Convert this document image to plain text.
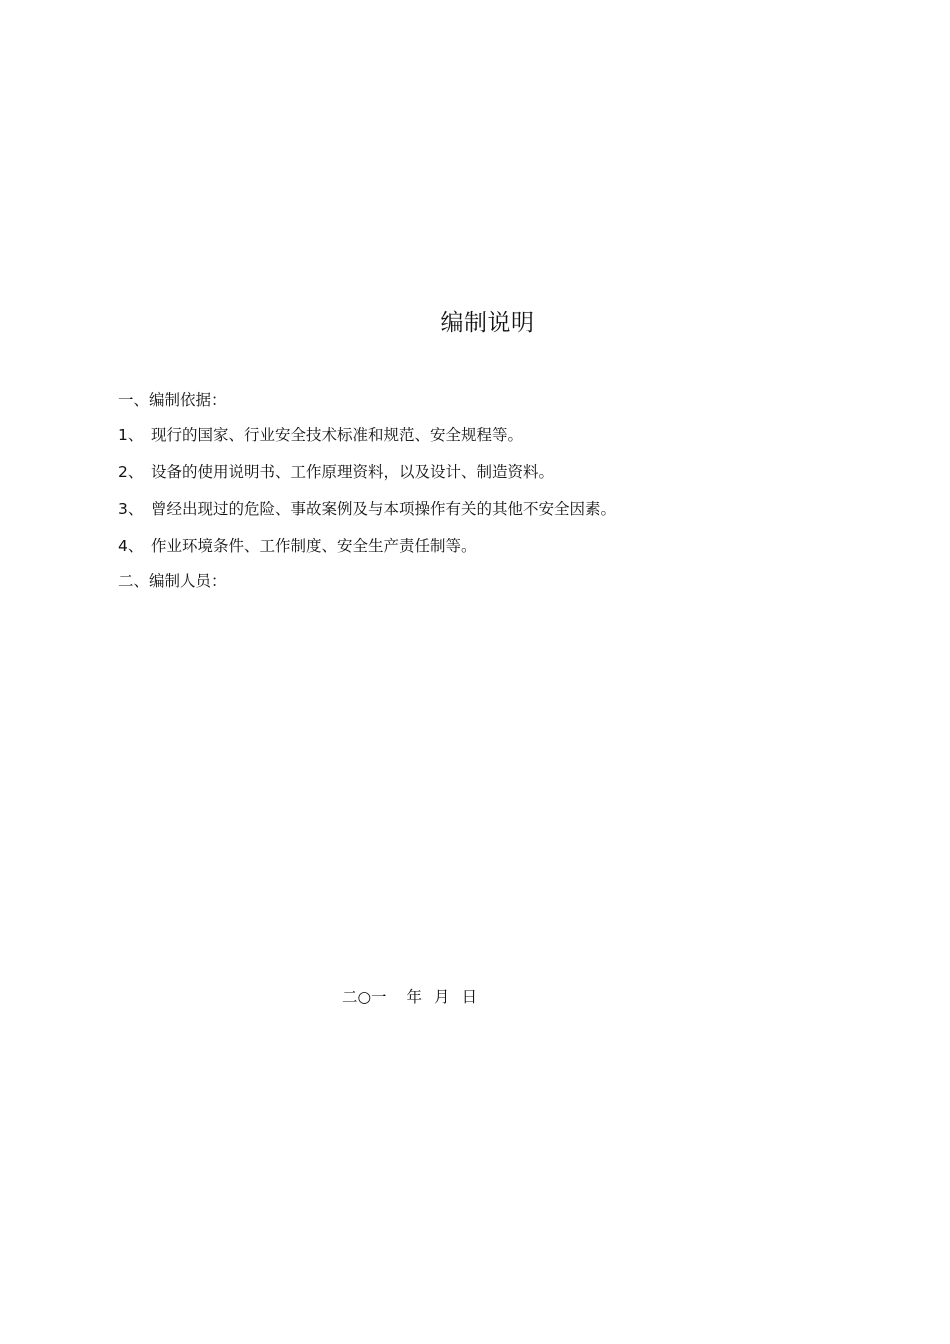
编制说明
一、编制依据：
1、 现行的国家、行业安全技术标准和规范、安全规程等。
2、 设备的使用说明书、工作原理资料，以及设计、制造资料。
3、 曾经出现过的危险、事故案例及与本项操作有关的其他不安全因素。
4、 作业环境条件、工作制度、安全生产责任制等。
二、编制人员：
二○一 年 月 日
